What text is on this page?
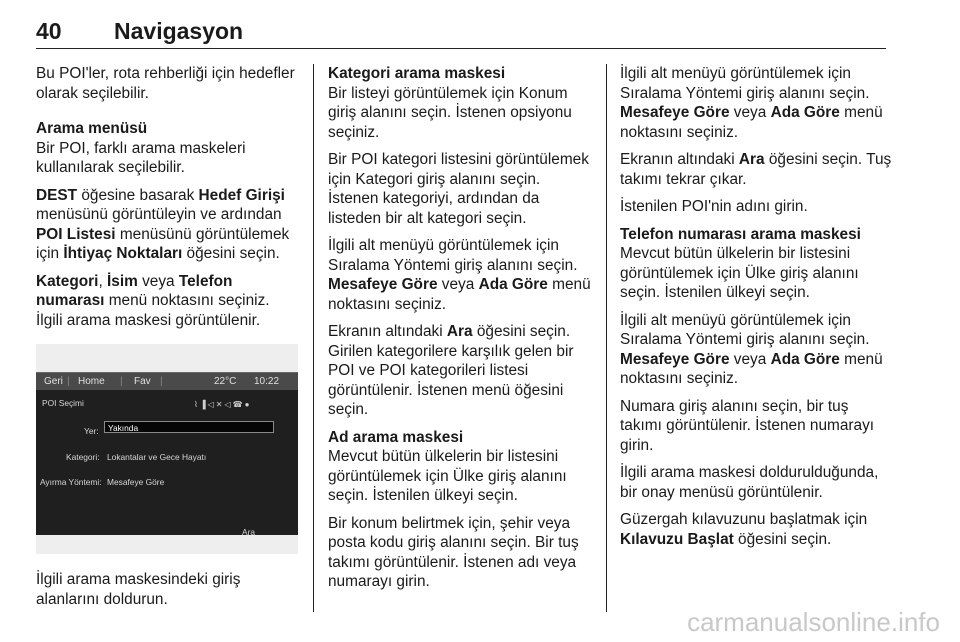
40 Navigasyon

Bu POI'ler, rota rehberliği için hedefler olarak seçilebilir.

Arama menüsü

Bir POI, farklı arama maskeleri kullanılarak seçilebilir.

DEST öğesine basarak Hedef Girişi menüsünü görüntüleyin ve ardından POI Listesi menüsünü görüntülemek için İhtiyaç Noktaları öğesini seçin.

Kategori, İsim veya Telefon numarası menü noktasını seçiniz. İlgili arama maskesi görüntülenir.

Geri | Home | Fav |	22°C 10:22
POI Seçimi	⌇▐◁✕◁☎●
Yer:	Yakında
Kategori: Lokantalar ve Gece Hayatı
Ayırma Yöntemi: Mesafeye Göre
Ara

İlgili arama maskesindeki giriş alanlarını doldurun.

Kategori arama maskesi

Bir listeyi görüntülemek için Konum giriş alanını seçin. İstenen opsiyonu seçiniz.

Bir POI kategori listesini görüntülemek için Kategori giriş alanını seçin. İstenen kategoriyi, ardından da listeden bir alt kategori seçin.

İlgili alt menüyü görüntülemek için Sıralama Yöntemi giriş alanını seçin.

Mesafeye Göre veya Ada Göre menü noktasını seçiniz.

Ekranın altındaki Ara öğesini seçin. Girilen kategorilere karşılık gelen bir POI ve POI kategorileri listesi görüntülenir. İstenen menü öğesini seçin.

Ad arama maskesi

Mevcut bütün ülkelerin bir listesini görüntülemek için Ülke giriş alanını seçin. İstenilen ülkeyi seçin.

Bir konum belirtmek için, şehir veya posta kodu giriş alanını seçin. Bir tuş takımı görüntülenir. İstenen adı veya numarayı girin.

İlgili alt menüyü görüntülemek için Sıralama Yöntemi giriş alanını seçin.

Mesafeye Göre veya Ada Göre menü noktasını seçiniz.

Ekranın altındaki Ara öğesini seçin. Tuş takımı tekrar çıkar.

İstenilen POI'nin adını girin.

Telefon numarası arama maskesi

Mevcut bütün ülkelerin bir listesini görüntülemek için Ülke giriş alanını seçin. İstenilen ülkeyi seçin.

İlgili alt menüyü görüntülemek için Sıralama Yöntemi giriş alanını seçin.

Mesafeye Göre veya Ada Göre menü noktasını seçiniz.

Numara giriş alanını seçin, bir tuş takımı görüntülenir. İstenen numarayı girin.

İlgili arama maskesi doldurulduğunda, bir onay menüsü görüntülenir.

Güzergah kılavuzunu başlatmak için Kılavuzu Başlat öğesini seçin.

carmanualsonline.info
